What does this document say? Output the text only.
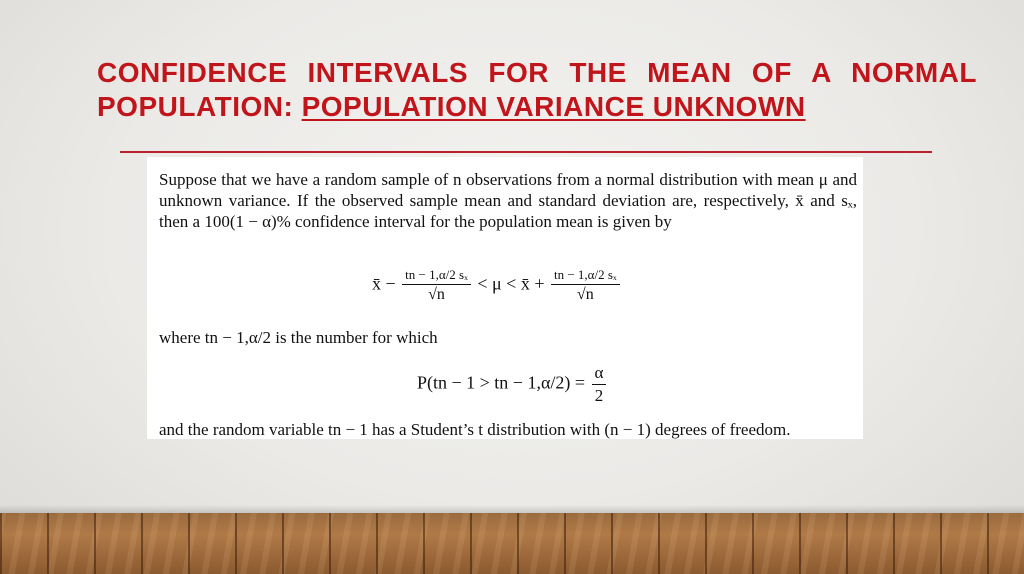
CONFIDENCE INTERVALS FOR THE MEAN OF A NORMAL
POPULATION: POPULATION VARIANCE UNKNOWN
Suppose that we have a random sample of n observations from a normal distribution with mean μ and unknown variance. If the observed sample mean and standard deviation are, respectively, x̄ and sₓ, then a 100(1 − α)% confidence interval for the population mean is given by
x̄ − $\frac{\text{tn − 1,α/2 sₓ}}{√n} < \mu$ < x̄ + $\frac{\text{tn − 1,α/2 sₓ}}{√n}$
where tn − 1,α/2 is the number for which
P(tn − 1 > tn − $1,\alpha/2) = \frac{\alpha}{2}$
and the random variable tn − 1 has a Student’s t distribution with (n − 1) degrees of freedom.
